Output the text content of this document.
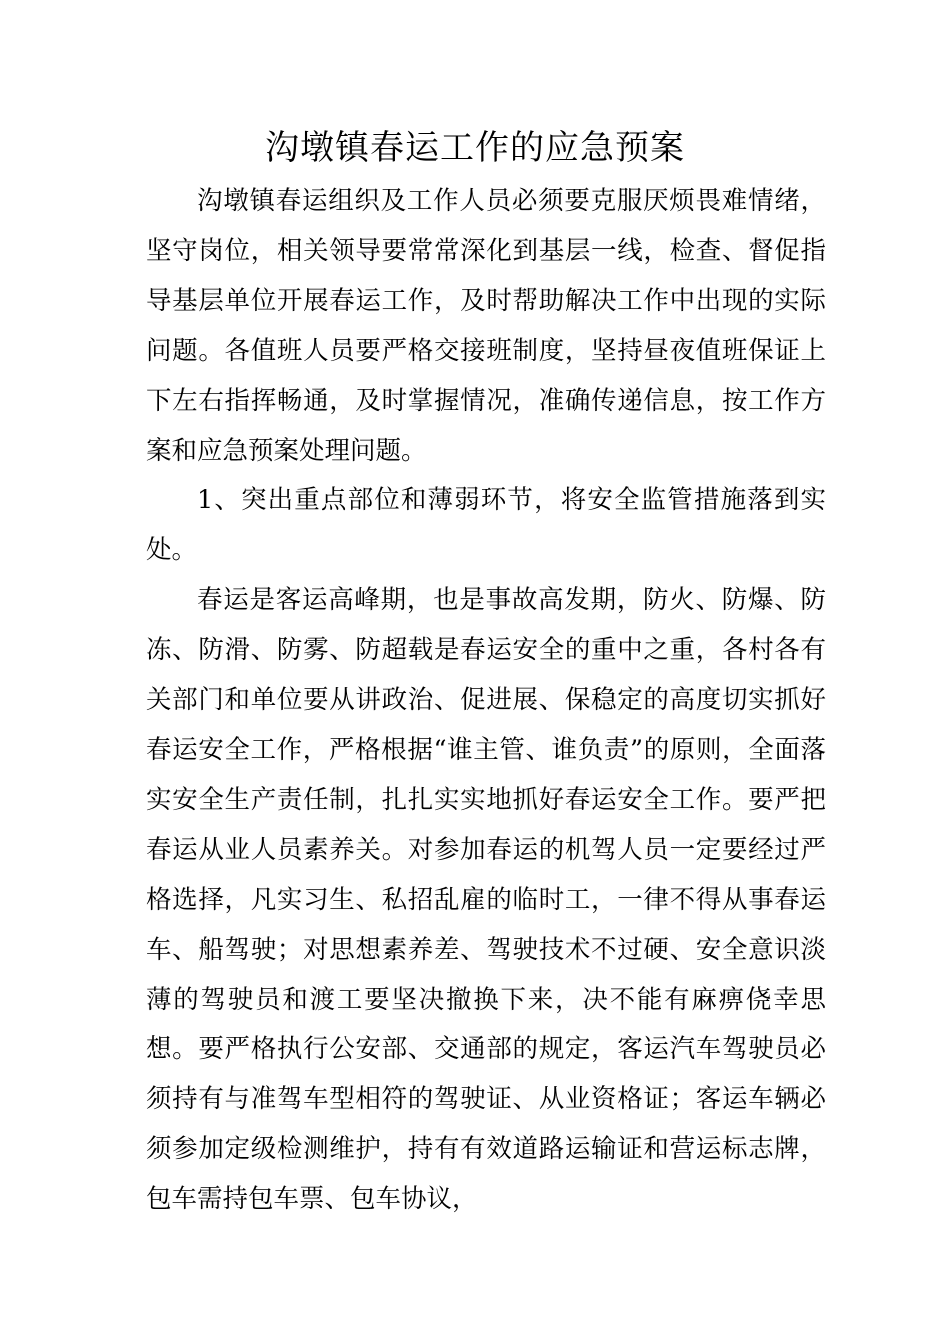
沟墩镇春运工作的应急预案

沟墩镇春运组织及工作人员必须要克服厌烦畏难情绪，坚守岗位，相关领导要常常深化到基层一线，检查、督促指导基层单位开展春运工作，及时帮助解决工作中出现的实际问题。各值班人员要严格交接班制度，坚持昼夜值班保证上下左右指挥畅通，及时掌握情况，准确传递信息，按工作方案和应急预案处理问题。

1、突出重点部位和薄弱环节，将安全监管措施落到实处。

春运是客运高峰期，也是事故高发期，防火、防爆、防冻、防滑、防雾、防超载是春运安全的重中之重，各村各有关部门和单位要从讲政治、促进展、保稳定的高度切实抓好春运安全工作，严格根据“谁主管、谁负责”的原则，全面落实安全生产责任制，扎扎实实地抓好春运安全工作。要严把春运从业人员素养关。对参加春运的机驾人员一定要经过严格选择，凡实习生、私招乱雇的临时工，一律不得从事春运车、船驾驶；对思想素养差、驾驶技术不过硬、安全意识淡薄的驾驶员和渡工要坚决撤换下来，决不能有麻痹侥幸思想。要严格执行公安部、交通部的规定，客运汽车驾驶员必须持有与准驾车型相符的驾驶证、从业资格证；客运车辆必须参加定级检测维护，持有有效道路运输证和营运标志牌，包车需持包车票、包车协议，
